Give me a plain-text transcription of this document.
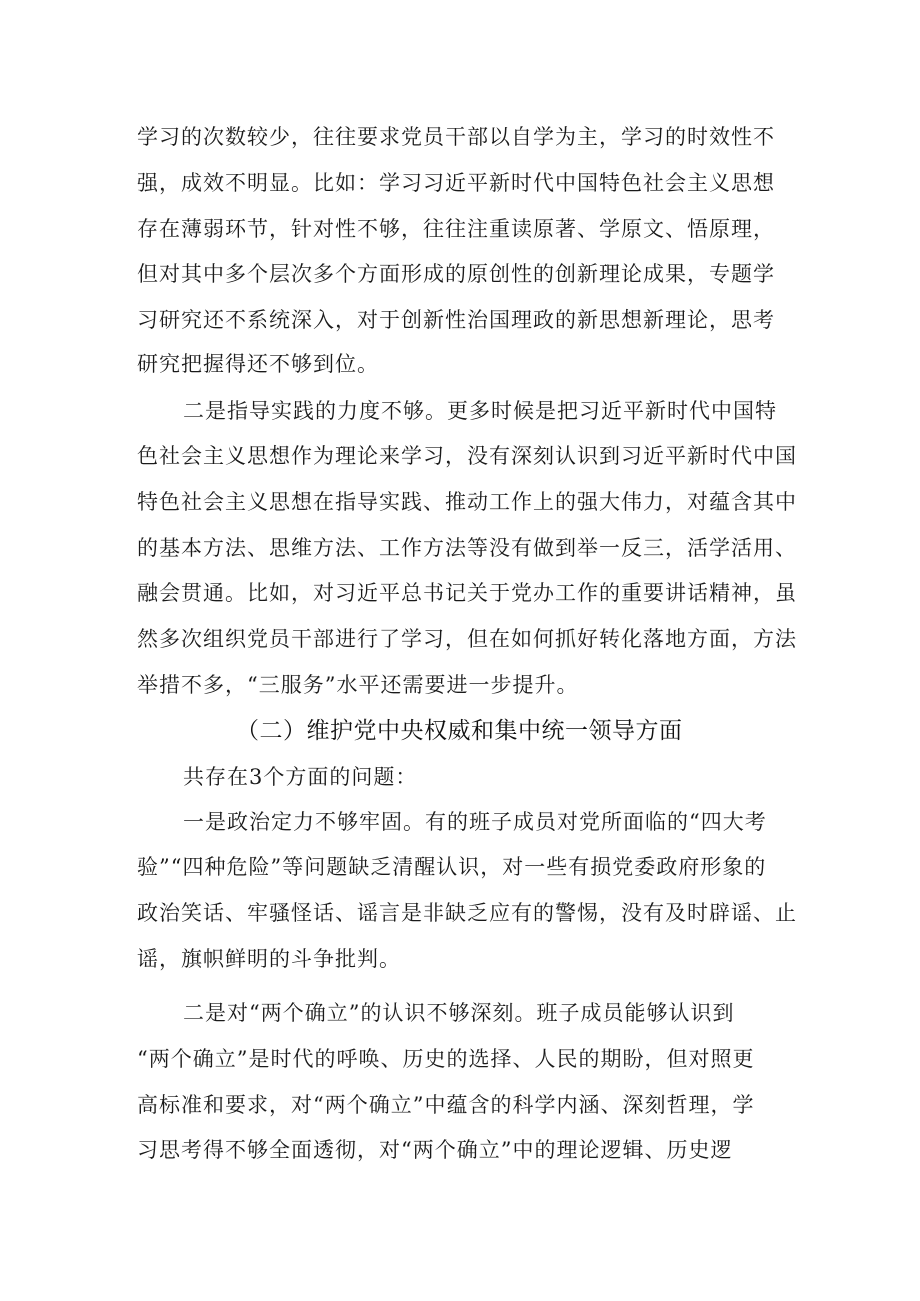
学习的次数较少，往往要求党员干部以自学为主，学习的时效性不
强，成效不明显。比如：学习习近平新时代中国特色社会主义思想
存在薄弱环节，针对性不够，往往注重读原著、学原文、悟原理，
但对其中多个层次多个方面形成的原创性的创新理论成果，专题学
习研究还不系统深入，对于创新性治国理政的新思想新理论，思考
研究把握得还不够到位。
二是指导实践的力度不够。更多时候是把习近平新时代中国特
色社会主义思想作为理论来学习，没有深刻认识到习近平新时代中国
特色社会主义思想在指导实践、推动工作上的强大伟力，对蕴含其中
的基本方法、思维方法、工作方法等没有做到举一反三，活学活用、
融会贯通。比如，对习近平总书记关于党办工作的重要讲话精神，虽
然多次组织党员干部进行了学习，但在如何抓好转化落地方面，方法
举措不多，“三服务”水平还需要进一步提升。
（二）维护党中央权威和集中统一领导方面
共存在3个方面的问题：
一是政治定力不够牢固。有的班子成员对党所面临的“四大考
验”“四种危险”等问题缺乏清醒认识，对一些有损党委政府形象的
政治笑话、牢骚怪话、谣言是非缺乏应有的警惕，没有及时辟谣、止
谣，旗帜鲜明的斗争批判。
二是对“两个确立”的认识不够深刻。班子成员能够认识到
“两个确立”是时代的呼唤、历史的选择、人民的期盼，但对照更
高标准和要求，对“两个确立”中蕴含的科学内涵、深刻哲理，学
习思考得不够全面透彻，对“两个确立”中的理论逻辑、历史逻
